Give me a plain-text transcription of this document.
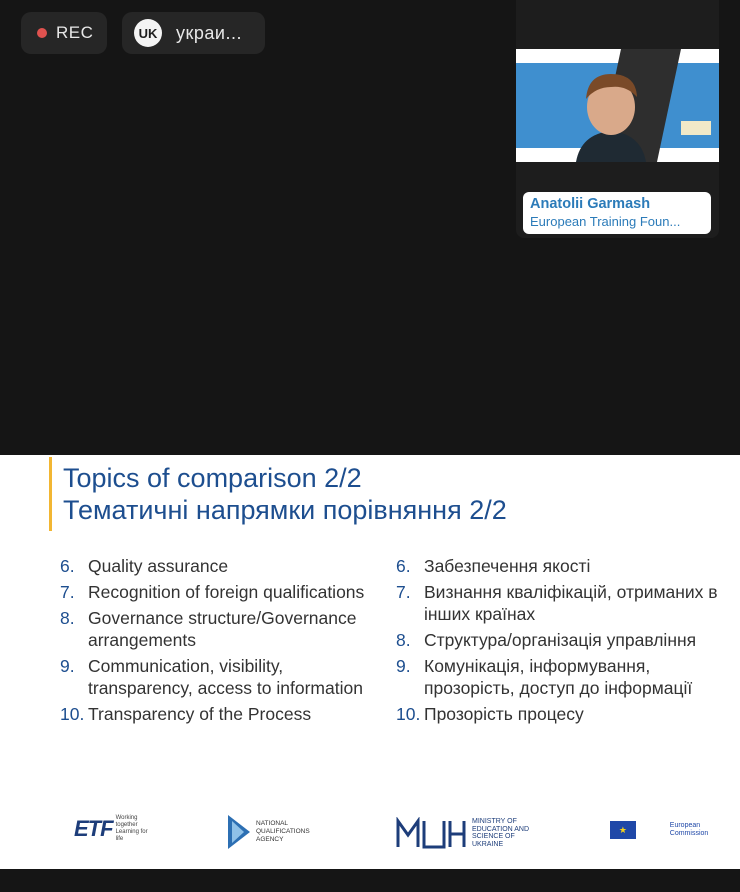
REC	UK украи...
Anatolii Garmash
European Training Foun...
Topics of comparison 2/2
Тематичні напрямки порівняння 2/2
6. Quality assurance
7. Recognition of foreign qualifications
8. Governance structure/Governance arrangements
9. Communication, visibility, transparency, access to information
10. Transparency of the Process
6. Забезпечення якості
7. Визнання кваліфікацій, отриманих в інших країнах
8. Структура/організація управління
9. Комунікація, інформування, прозорість, доступ до інформації
10. Прозорість процесу
ETF Working together Learning for life
NATIONAL QUALIFICATIONS AGENCY
MINISTRY OF EDUCATION AND SCIENCE OF UKRAINE
★	European Commission
